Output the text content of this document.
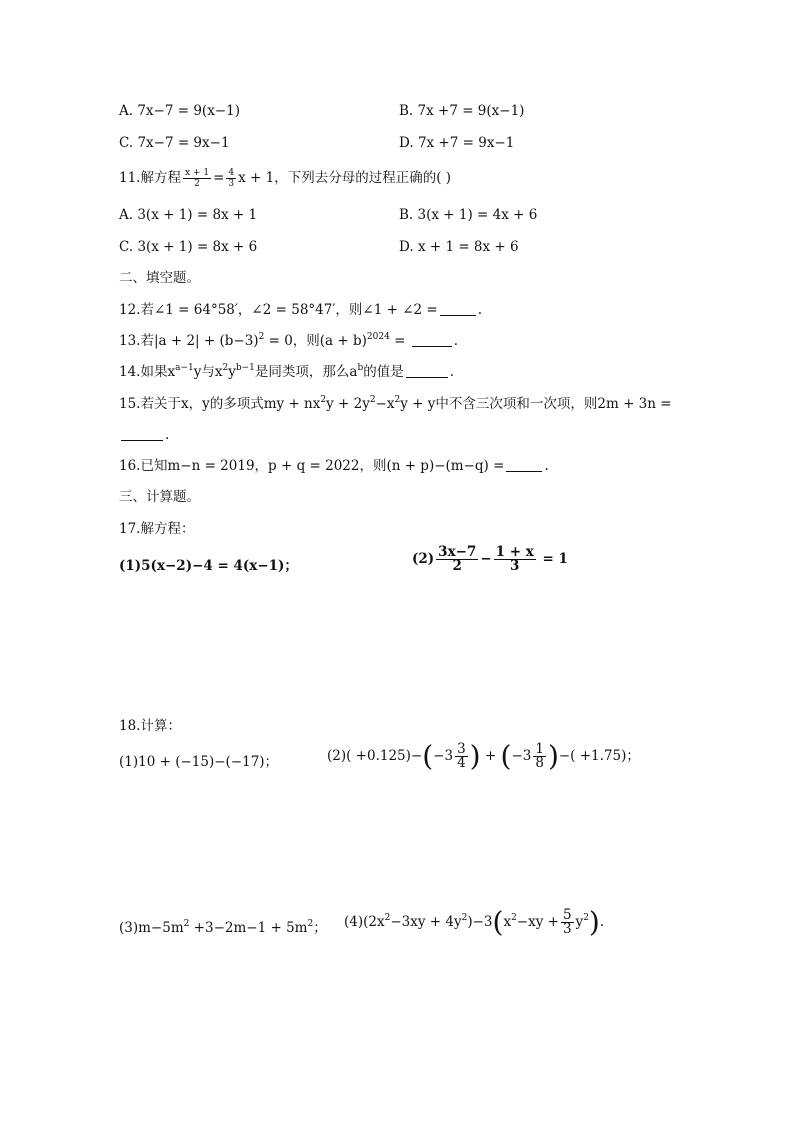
A. 7x−7 = 9(x−1)	B. 7x +7 = 9(x−1)
C. 7x−7 = 9x−1	D. 7x +7 = 9x−1
11.解方程 $\frac{x + 1}{2} = \frac{4}{3}$ x + 1，下列去分母的过程正确的( )
A. 3(x + 1) = 8x + 1	B. 3(x + 1) = 4x + 6
C. 3(x + 1) = 8x + 6	D. x + 1 = 8x + 6
二、填空题。
12.若∠1 = 64°58′，∠2 = 58°47′，则∠1 + ∠2 =	.
13.若$|a + 2| + (b-3)^2 = 0$，则$(a + b)^{2024}$ =	.
14.如果$x^{a-1}y$与$x^2y^{b-1}$是同类项，那么$a^b$的值是	.
15.若关于x，y的多项式my + $nx^2y + 2y^2-x^2y + y$中不含三次项和一次项，则2m + 3n =
.
16.已知m−n = 2019，p + q = 2022，则(n + p)−(m−q) =	.
三、计算题。
17.解方程：
(1)5(x−2)−4 = 4(x−1)；	$(2) \frac{3x-7}{2} - \frac{1 + x}{3} = 1$
18.计算：
(1)10 + (−15)−(−17)；	$(2)( +0.125)-(-3 \frac{3}{4}$ ) + ($-3 \frac{1}{8}$ )−( +1.75)；
$(3)m-5m^2 +3-2m-1 + 5m^2$； $(4)(2x^2-3xy + 4y^2)-3(x^2-xy + \frac{5}{3} y^2)$.
